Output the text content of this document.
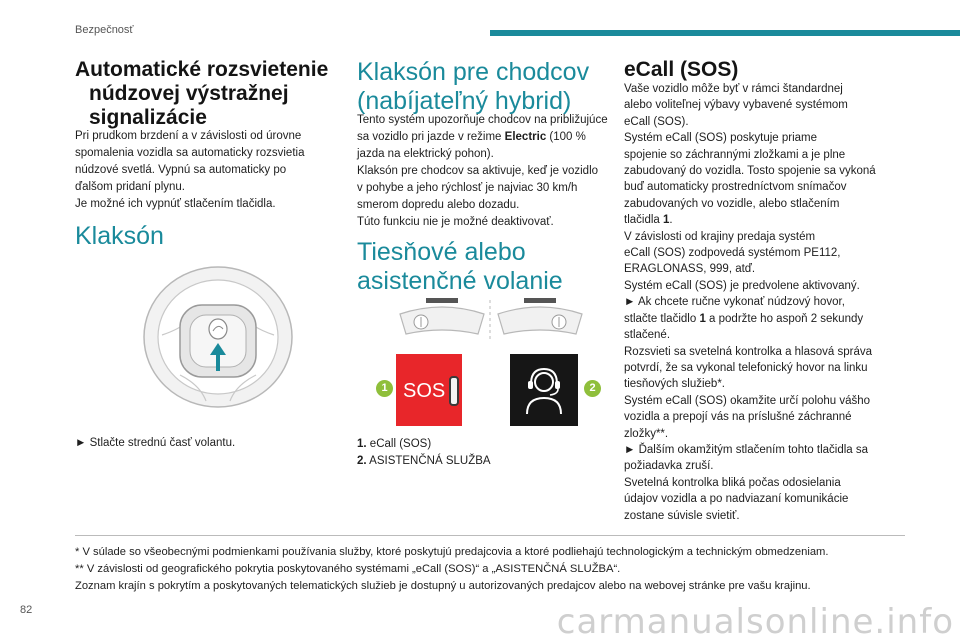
Bezpečnosť
Automatické rozsvietenie
núdzovej výstražnej
signalizácie
Pri prudkom brzdení a v závislosti od úrovne
spomalenia vozidla sa automaticky rozsvietia
núdzové svetlá. Vypnú sa automaticky po
ďalšom pridaní plynu.
Je možné ich vypnúť stlačením tlačidla.
Klaksón
► Stlačte strednú časť volantu.
Klaksón pre chodcov
(nabíjateľný hybrid)
Tento systém upozorňuje chodcov na približujúce
sa vozidlo pri jazde v režime Electric (100 %
jazda na elektrický pohon).
Klaksón pre chodcov sa aktivuje, keď je vozidlo
v pohybe a jeho rýchlosť je najviac 30 km/h
smerom dopredu alebo dozadu.
Túto funkciu nie je možné deaktivovať.
Tiesňové alebo
asistenčné volanie
1 SOS	2
1. eCall (SOS)
2. ASISTENČNÁ SLUŽBA
eCall (SOS)
Vaše vozidlo môže byť v rámci štandardnej
alebo voliteľnej výbavy vybavené systémom
eCall (SOS).
Systém eCall (SOS) poskytuje priame
spojenie so záchrannými zložkami a je plne
zabudovaný do vozidla. Tosto spojenie sa vykoná
buď automaticky prostredníctvom snímačov
zabudovaných vo vozidle, alebo stlačením
tlačidla 1.
V závislosti od krajiny predaja systém
eCall (SOS) zodpovedá systémom PE112,
ERAGLONASS, 999, atď.
Systém eCall (SOS) je predvolene aktivovaný.
► Ak chcete ručne vykonať núdzový hovor,
stlačte tlačidlo 1 a podržte ho aspoň 2 sekundy
stlačené.
Rozsvieti sa svetelná kontrolka a hlasová správa
potvrdí, že sa vykonal telefonický hovor na linku
tiesňových služieb*.
Systém eCall (SOS) okamžite určí polohu vášho
vozidla a prepojí vás na príslušné záchranné
zložky**.
► Ďalším okamžitým stlačením tohto tlačidla sa
požiadavka zruší.
Svetelná kontrolka bliká počas odosielania
údajov vozidla a po nadviazaní komunikácie
zostane súvisle svietiť.
* V súlade so všeobecnými podmienkami používania služby, ktoré poskytujú predajcovia a ktoré podliehajú technologickým a technickým obmedzeniam.
** V závislosti od geografického pokrytia poskytovaného systémami „eCall (SOS)“ a „ASISTENČNÁ SLUŽBA“.
Zoznam krajín s pokrytím a poskytovaných telematických služieb je dostupný u autorizovaných predajcov alebo na webovej stránke pre vašu krajinu.
82	carmanualsonline.info
